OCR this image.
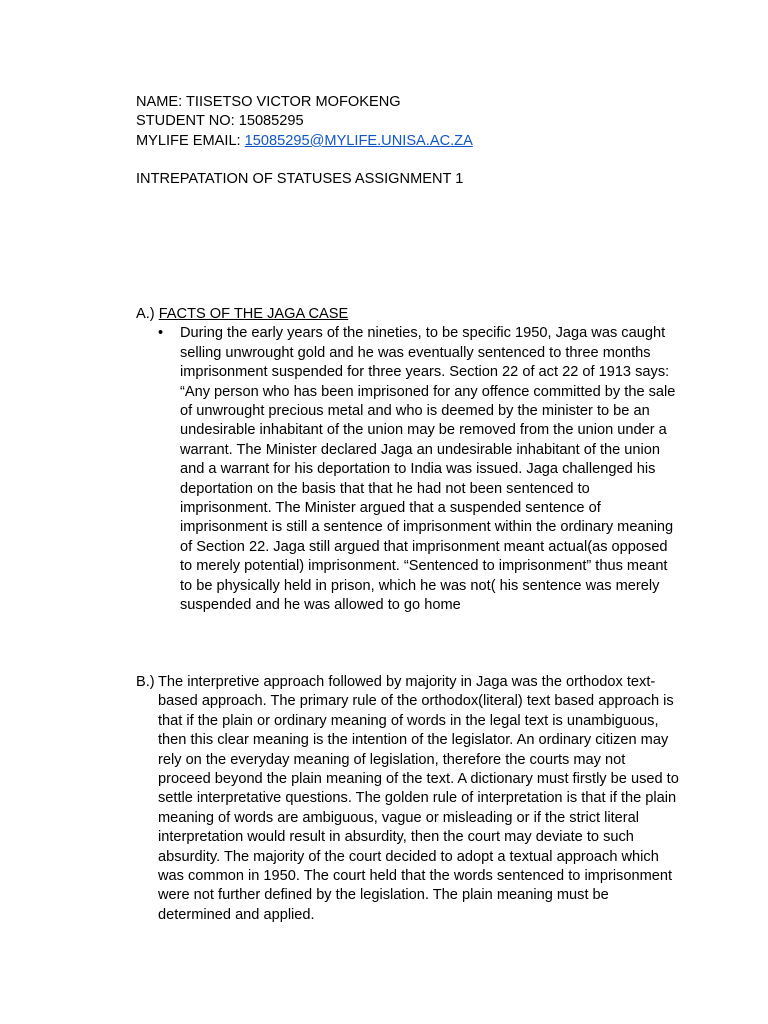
NAME: TIISETSO VICTOR MOFOKENG
STUDENT NO: 15085295
MYLIFE EMAIL: 15085295@MYLIFE.UNISA.AC.ZA
INTREPATATION OF STATUSES ASSIGNMENT 1
A.) FACTS OF THE JAGA CASE
• During the early years of the nineties, to be specific 1950, Jaga was caught selling unwrought gold and he was eventually sentenced to three months imprisonment suspended for three years. Section 22 of act 22 of 1913 says: “Any person who has been imprisoned for any offence committed by the sale of unwrought precious metal and who is deemed by the minister to be an undesirable inhabitant of the union may be removed from the union under a warrant. The Minister declared Jaga an undesirable inhabitant of the union and a warrant for his deportation to India was issued. Jaga challenged his deportation on the basis that that he had not been sentenced to imprisonment. The Minister argued that a suspended sentence of imprisonment is still a sentence of imprisonment within the ordinary meaning of Section 22. Jaga still argued that imprisonment meant actual(as opposed to merely potential) imprisonment. “Sentenced to imprisonment” thus meant to be physically held in prison, which he was not( his sentence was merely suspended and he was allowed to go home
B.) The interpretive approach followed by majority in Jaga was the orthodox text-based approach. The primary rule of the orthodox(literal) text based approach is that if the plain or ordinary meaning of words in the legal text is unambiguous, then this clear meaning is the intention of the legislator. An ordinary citizen may rely on the everyday meaning of legislation, therefore the courts may not proceed beyond the plain meaning of the text. A dictionary must firstly be used to settle interpretative questions. The golden rule of interpretation is that if the plain meaning of words are ambiguous, vague or misleading or if the strict literal interpretation would result in absurdity, then the court may deviate to such absurdity. The majority of the court decided to adopt a textual approach which was common in 1950. The court held that the words sentenced to imprisonment were not further defined by the legislation. The plain meaning must be determined and applied.
